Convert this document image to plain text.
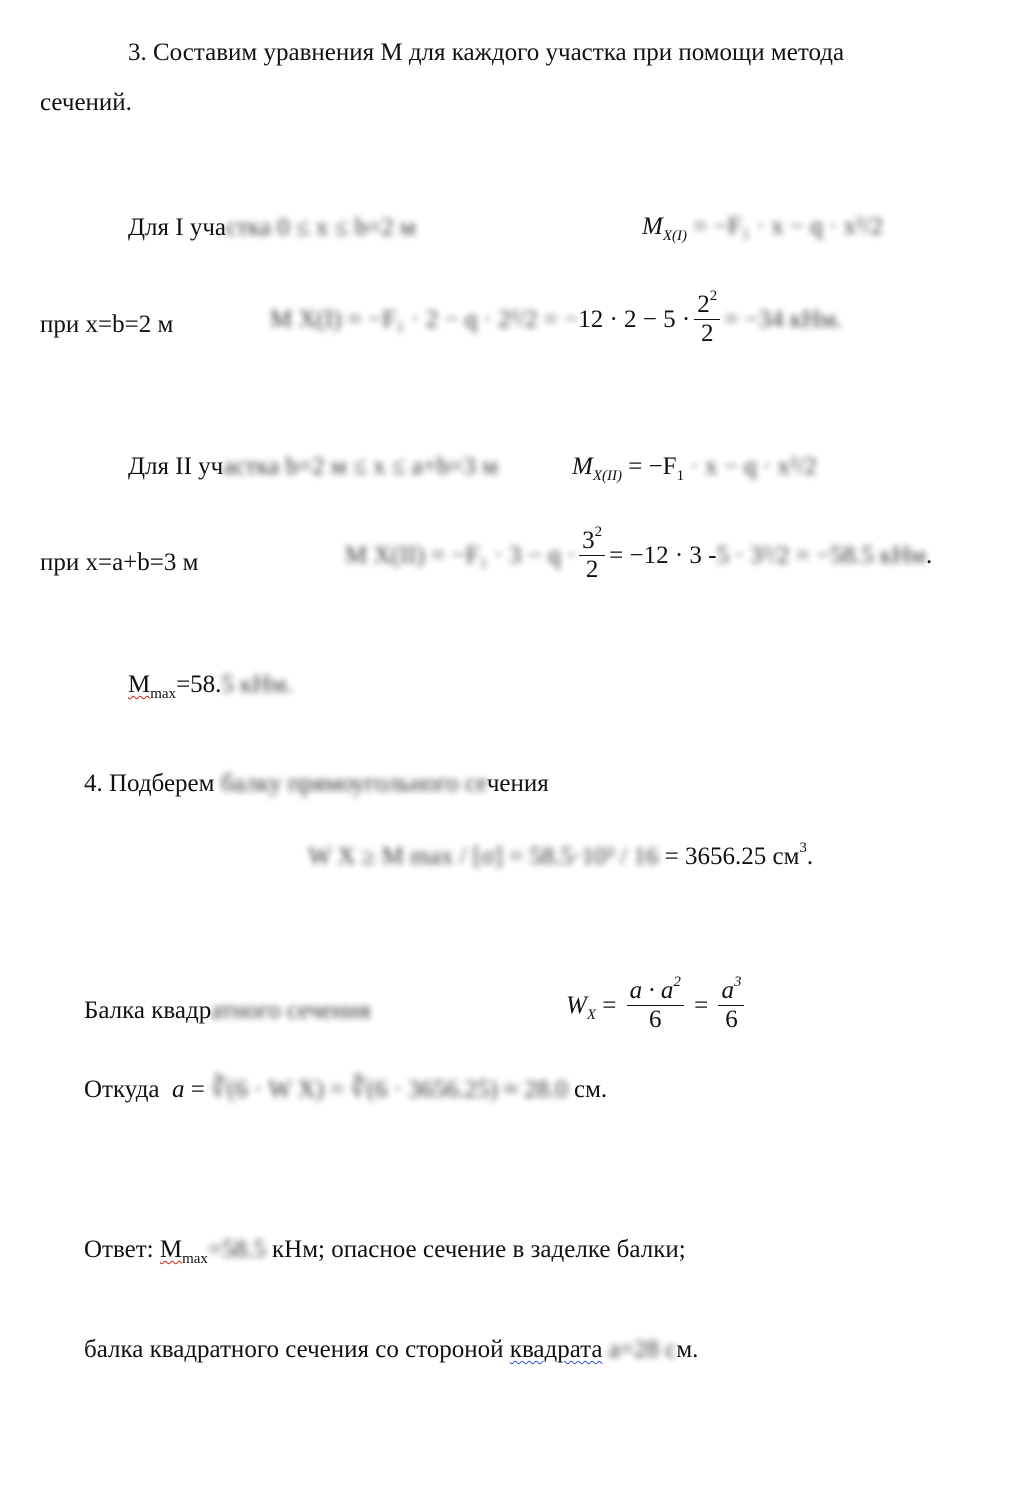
3. Составим уравнения М для каждого участка при помощи метода
сечений.
Для I участка 0 ≤ x ≤ b=2 м	$M_{X(I)} = -F_1 \cdot x - q \cdot x^2/2$
при x=b=2 м	M $X(I) = -F_1 \cdot 2 - q \cdot 2^2/2 = -12 \cdot 2 - 5 \cdot \frac{2^2}{2} = -34$ кНм.
Для II участка b=2 м ≤ x ≤ a+b=3 м	$M_{X(II)} = -F_1 \cdot x - q \cdot x^2/2$
при x=a+b=3 м	M $X(II) = -F_1 \cdot 3 - q \cdot \frac{3^2}{2} = -12 \cdot 3$ -5 · 3²/2 = −58.5 кНм.
$M_{max}=58.5$ кНм.
4. Подберем балку прямоугольного сечения
W X ≥ M max / [σ] = 58.5·10³ / 16 = 3656.25 $см^3$.
Балка квадратного сечения	$W_X = \frac{a \cdot a^2}{6} = \frac{a^3}{6}$
Откуда a = ∛(6 · W X) = ∛(6 · 3656.25) ≈ 28.0 см.
Ответ: $M_{max}=58.5$ кНм; опасное сечение в заделке балки;
балка квадратного сечения со стороной квадрата a=28 см.
